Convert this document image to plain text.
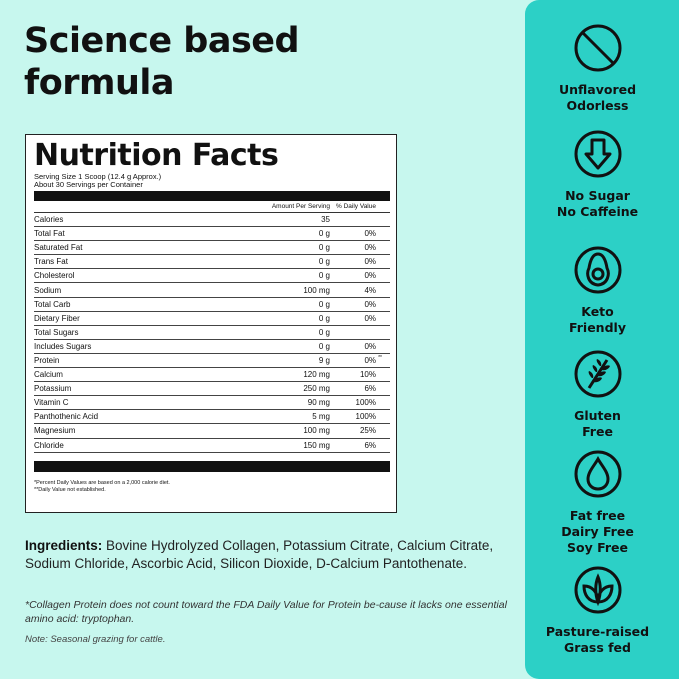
Science based
formula
Nutrition Facts
Serving Size 1 Scoop (12.4 g Approx.)
About 30 Servings per Container
Amount Per Serving % Daily Value
Calories	35
Total Fat	0 g	0%
Saturated Fat	0 g	0%
Trans Fat	0 g	0%
Cholesterol	0 g	0%
Sodium	100 mg	4%
Total Carb	0 g	0%
Dietary Fiber	0 g	0%
Total Sugars	0 g
Includes Sugars	0 g	0%
Protein	9 g	0% **
Calcium	120 mg	10%
Potassium	250 mg	6%
Vitamin C	90 mg	100%
Panthothenic Acid	5 mg	100%
Magnesium	100 mg	25%
Chloride	150 mg	6%
*Percent Daily Values are based on a 2,000 calorie diet.
**Daily Value not established.
Ingredients: Bovine Hydrolyzed Collagen, Potassium Citrate, Calcium Citrate, Sodium Chloride, Ascorbic Acid, Silicon Dioxide, D-Calcium Pantothenate.
*Collagen Protein does not count toward the FDA Daily Value for Protein be-cause it lacks one essential amino acid: tryptophan.
Note: Seasonal grazing for cattle.
Unflavored
Odorless
No Sugar
No Caffeine
Keto
Friendly
Gluten
Free
Fat free
Dairy Free
Soy Free
Pasture-raised
Grass fed
